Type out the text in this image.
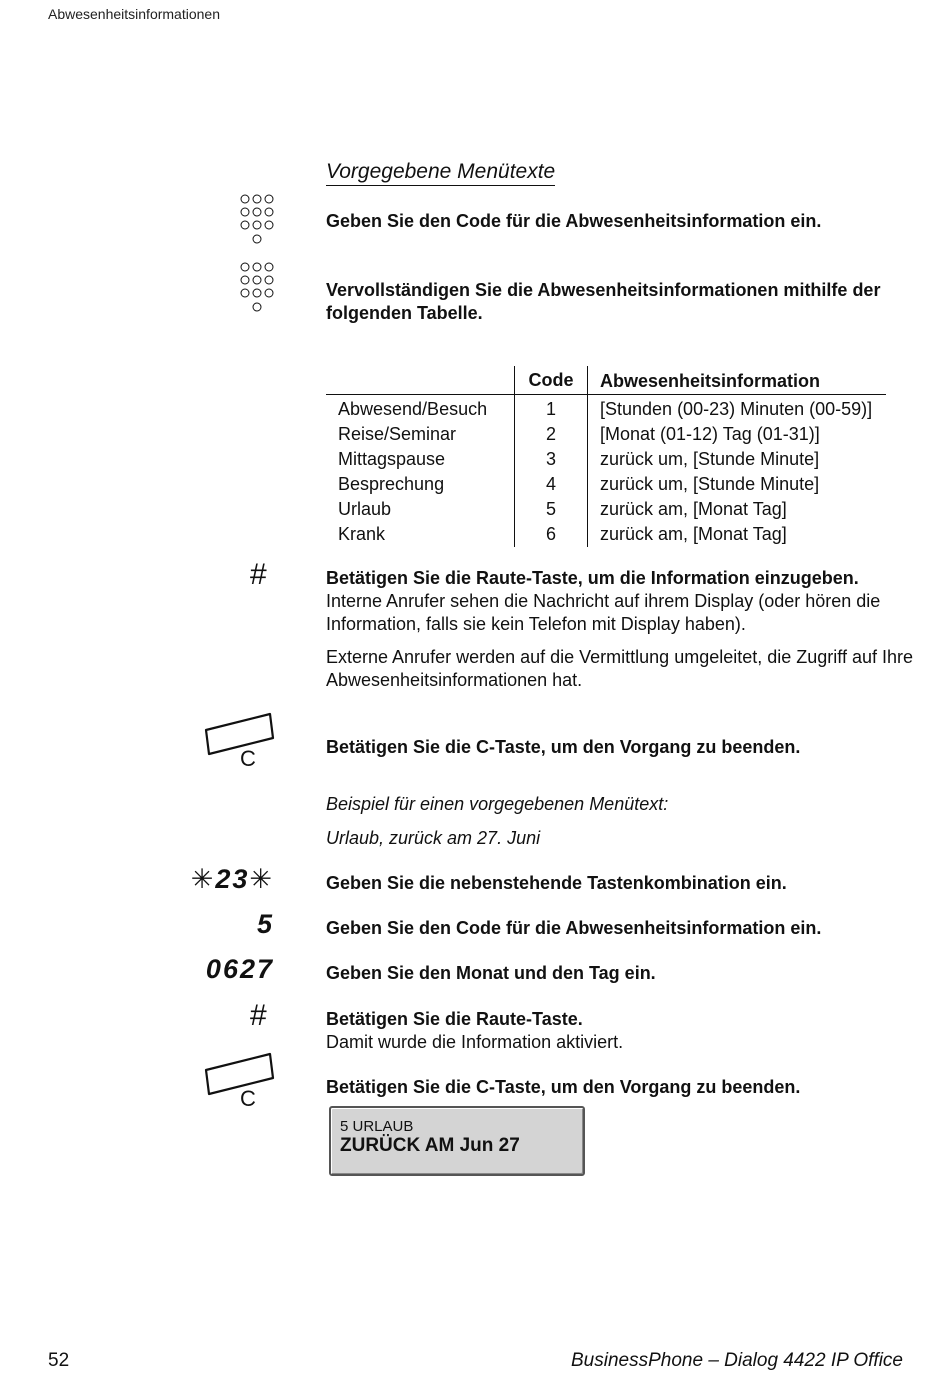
Abwesenheitsinformationen
Vorgegebene Menütexte
Geben Sie den Code für die Abwesenheitsinformation ein.
Vervollständigen Sie die Abwesenheitsinformationen mithilfe der folgenden Tabelle.
	Code	Abwesenheitsinformation
Abwesend/Besuch	1	[Stunden (00-23) Minuten (00-59)]
Reise/Seminar	2	[Monat (01-12) Tag (01-31)]
Mittagspause	3	zurück um, [Stunde Minute]
Besprechung	4	zurück um, [Stunde Minute]
Urlaub	5	zurück am, [Monat Tag]
Krank	6	zurück am, [Monat Tag]
#	Betätigen Sie die Raute-Taste, um die Information einzugeben.
Interne Anrufer sehen die Nachricht auf ihrem Display (oder hören die Information, falls sie kein Telefon mit Display haben).
Externe Anrufer werden auf die Vermittlung umgeleitet, die Zugriff auf Ihre Abwesenheitsinformationen hat.
C	Betätigen Sie die C-Taste, um den Vorgang zu beenden.
Beispiel für einen vorgegebenen Menütext:
Urlaub, zurück am 27. Juni
✳23✳	Geben Sie die nebenstehende Tastenkombination ein.
5	Geben Sie den Code für die Abwesenheitsinformation ein.
0627	Geben Sie den Monat und den Tag ein.
#	Betätigen Sie die Raute-Taste.
Damit wurde die Information aktiviert.
C	Betätigen Sie die C-Taste, um den Vorgang zu beenden.
5 URLAUB
ZURÜCK AM Jun 27
52	BusinessPhone – Dialog 4422 IP Office
